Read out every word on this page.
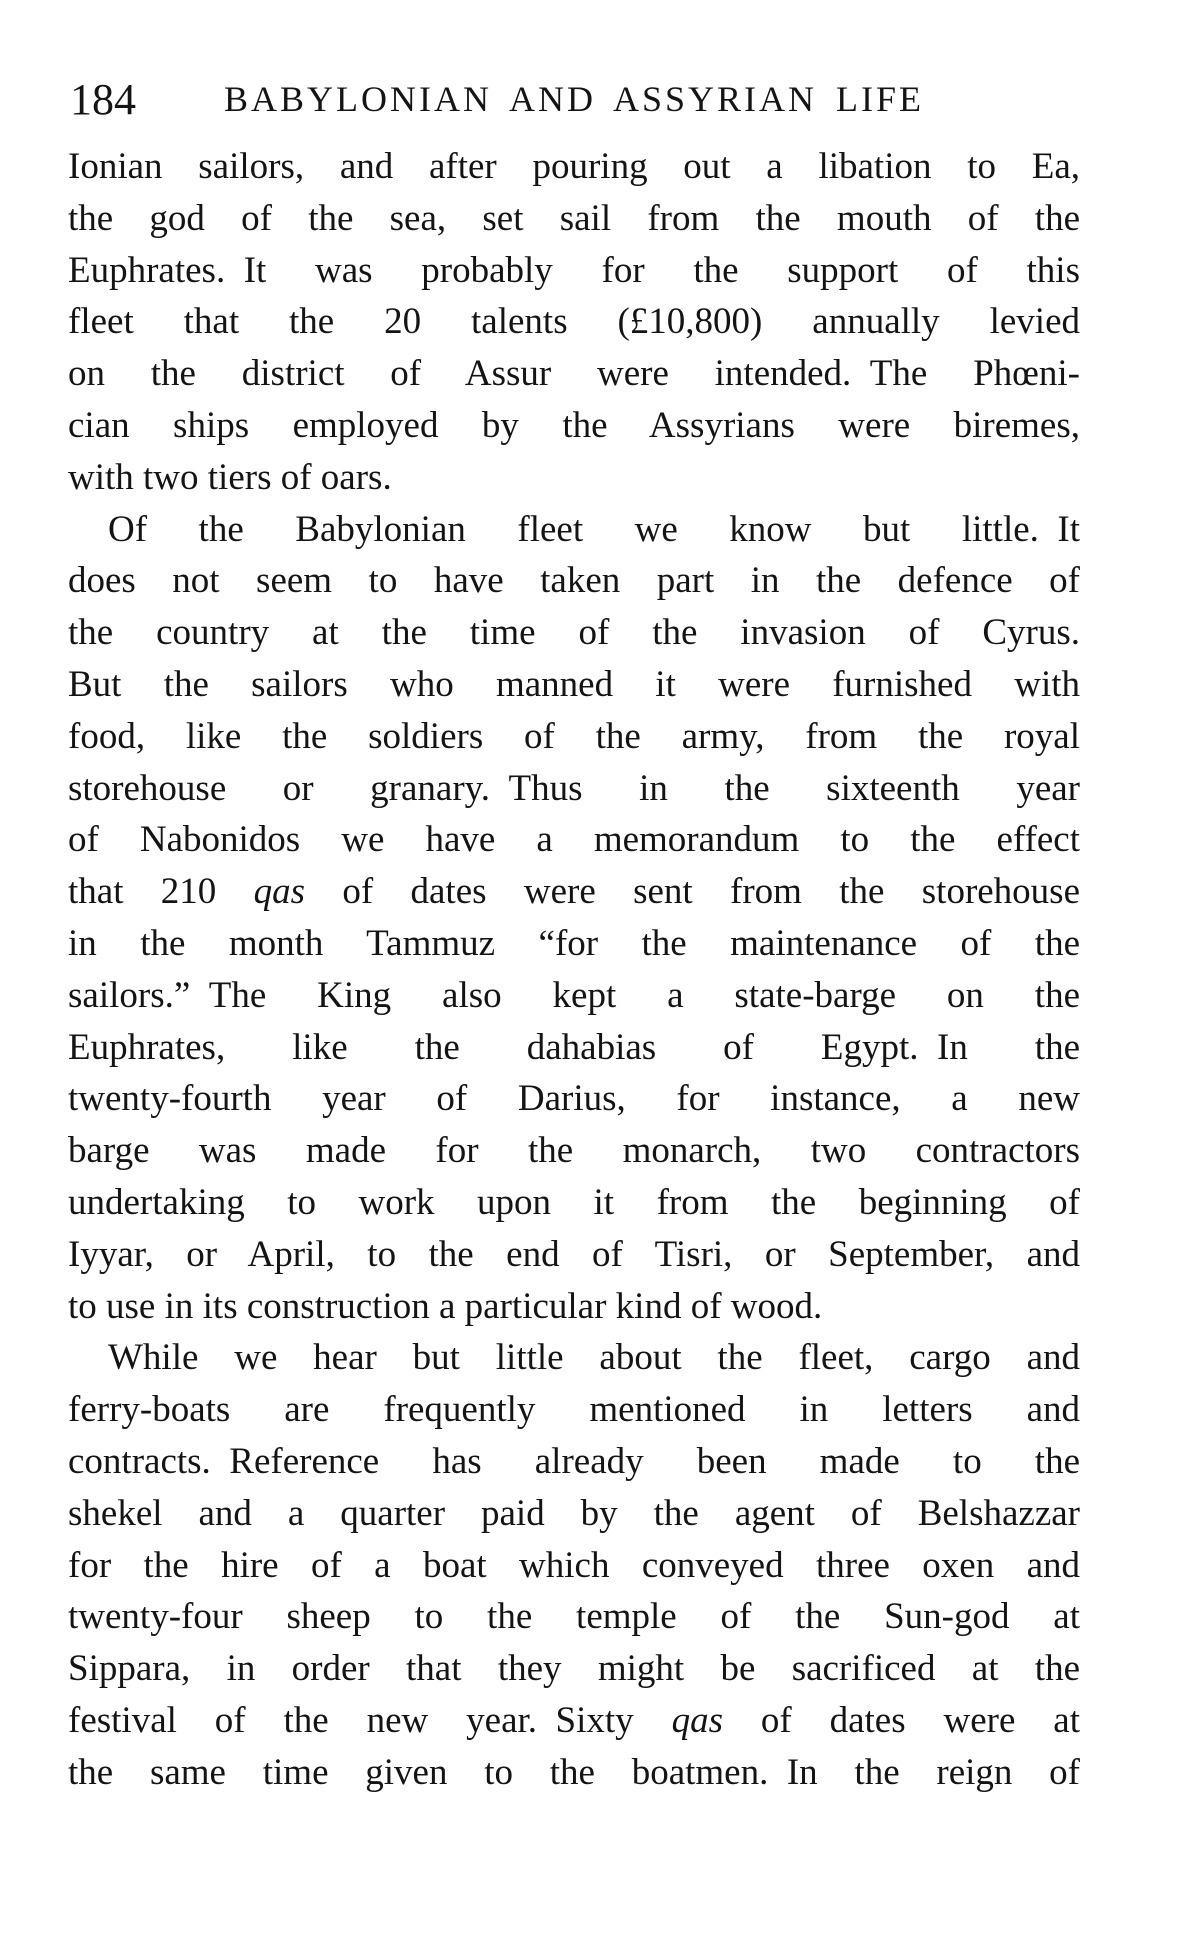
184	BABYLONIAN AND ASSYRIAN LIFE
Ionian sailors, and after pouring out a libation to Ea,
the god of the sea, set sail from the mouth of the
Euphrates. It was probably for the support of this
fleet that the 20 talents (£10,800) annually levied
on the district of Assur were intended. The Phœni-
cian ships employed by the Assyrians were biremes,
with two tiers of oars.
Of the Babylonian fleet we know but little. It
does not seem to have taken part in the defence of
the country at the time of the invasion of Cyrus.
But the sailors who manned it were furnished with
food, like the soldiers of the army, from the royal
storehouse or granary. Thus in the sixteenth year
of Nabonidos we have a memorandum to the effect
that 210 qas of dates were sent from the storehouse
in the month Tammuz “for the maintenance of the
sailors.” The King also kept a state-barge on the
Euphrates, like the dahabias of Egypt. In the
twenty-fourth year of Darius, for instance, a new
barge was made for the monarch, two contractors
undertaking to work upon it from the beginning of
Iyyar, or April, to the end of Tisri, or September, and
to use in its construction a particular kind of wood.
While we hear but little about the fleet, cargo and
ferry-boats are frequently mentioned in letters and
contracts. Reference has already been made to the
shekel and a quarter paid by the agent of Belshazzar
for the hire of a boat which conveyed three oxen and
twenty-four sheep to the temple of the Sun-god at
Sippara, in order that they might be sacrificed at the
festival of the new year. Sixty qas of dates were at
the same time given to the boatmen. In the reign of
